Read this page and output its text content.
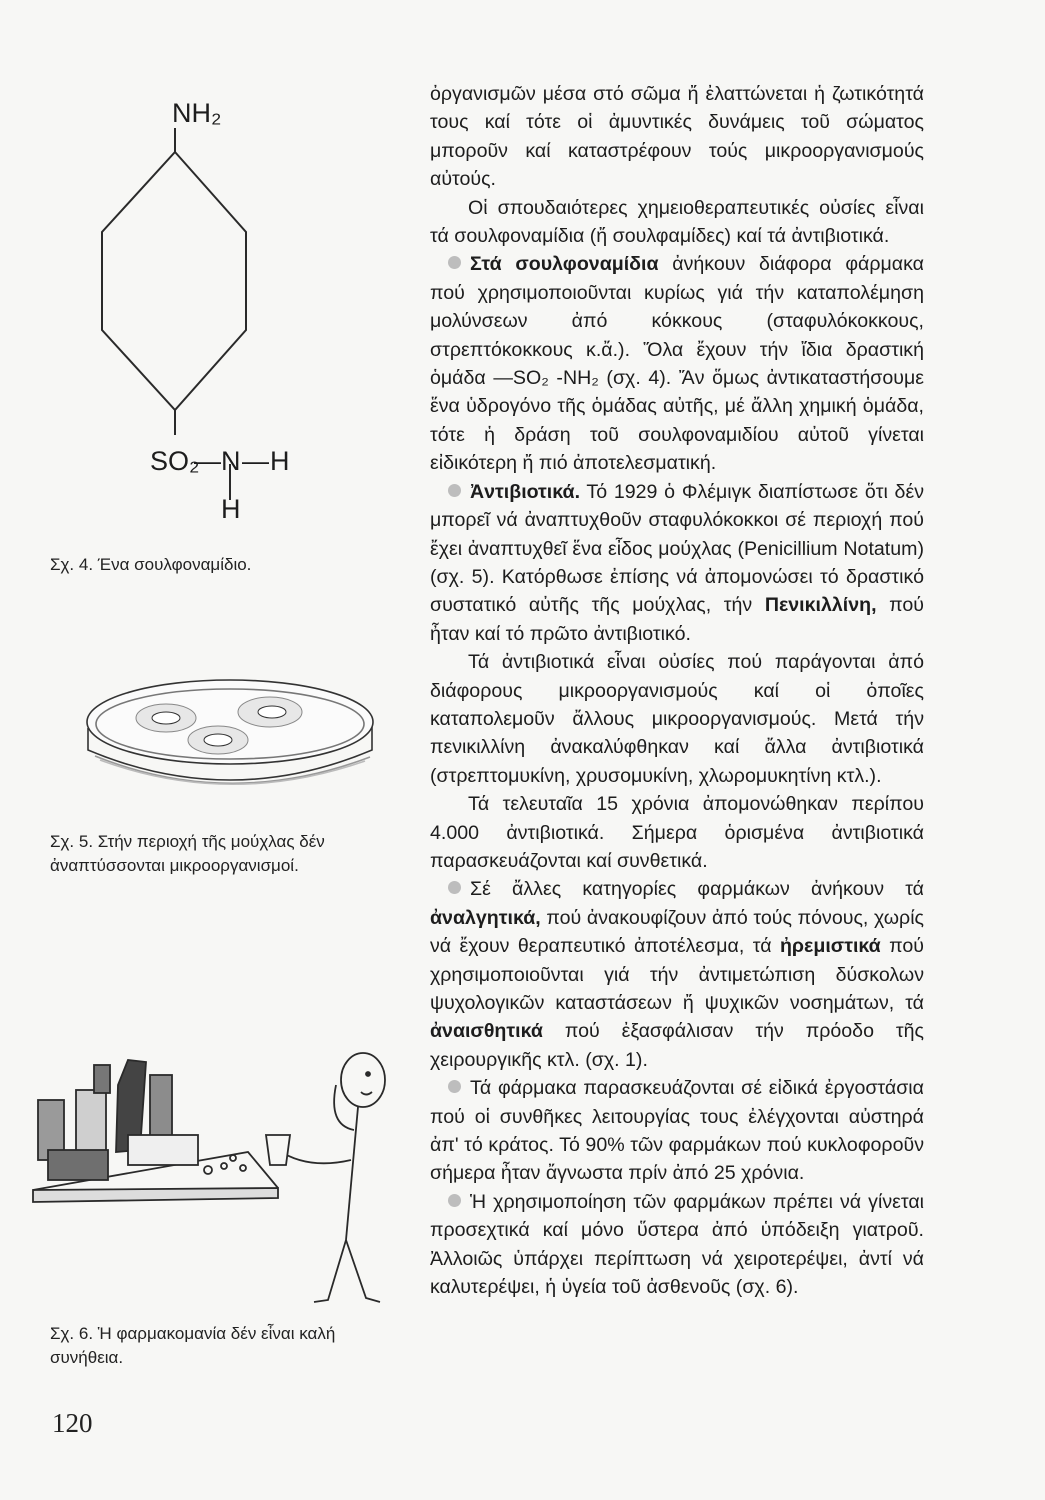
NH₂
SO₂
— N — H
H
Σχ. 4. Ένα σουλφοναμίδιο.
Σχ. 5. Στήν περιοχή τῆς μούχλας δέν ἀναπτύσσονται μικροοργανισμοί.
Σχ. 6. Ἡ φαρμακομανία δέν εἶναι καλή συνήθεια.
120

ὀργανισμῶν μέσα στό σῶμα ἤ ἐλαττώνεται ἡ ζωτικότητά τους καί τότε οἱ ἀμυντικές δυνάμεις τοῦ σώματος μποροῦν καί καταστρέφουν τούς μικροοργανισμούς αὐτούς.

Οἱ σπουδαιότερες χημειοθεραπευτικές οὐσίες εἶναι τά σουλφοναμίδια (ἤ σουλφαμίδες) καί τά ἀντιβιοτικά.

Στά σουλφοναμίδια ἀνήκουν διάφορα φάρμακα πού χρησιμοποιοῦνται κυρίως γιά τήν καταπολέμηση μολύνσεων ἀπό κόκκους (σταφυλόκοκκους, στρεπτόκοκκους κ.ἄ.). Ὅλα ἔχουν τήν ἴδια δραστική ὁμάδα —SO₂ -NH₂ (σχ. 4). Ἄν ὅμως ἀντικαταστήσουμε ἕνα ὑδρογόνο τῆς ὁμάδας αὐτῆς, μέ ἄλλη χημική ὁμάδα, τότε ἡ δράση τοῦ σουλφοναμιδίου αὐτοῦ γίνεται εἰδικότερη ἤ πιό ἀποτελεσματική.

Ἀντιβιοτικά. Τό 1929 ὁ Φλέμιγκ διαπίστωσε ὅτι δέν μπορεῖ νά ἀναπτυχθοῦν σταφυλόκοκκοι σέ περιοχή πού ἔχει ἀναπτυχθεῖ ἕνα εἶδος μούχλας (Penicillium Notatum) (σχ. 5). Κατόρθωσε ἐπίσης νά ἀπομονώσει τό δραστικό συστατικό αὐτῆς τῆς μούχλας, τήν Πενικιλλίνη, πού ἦταν καί τό πρῶτο ἀντιβιοτικό.

Τά ἀντιβιοτικά εἶναι οὐσίες πού παράγονται ἀπό διάφορους μικροοργανισμούς καί οἱ ὁποῖες καταπολεμοῦν ἄλλους μικροοργανισμούς. Μετά τήν πενικιλλίνη ἀνακαλύφθηκαν καί ἄλλα ἀντιβιοτικά (στρεπτομυκίνη, χρυσομυκίνη, χλωρομυκητίνη κτλ.).

Τά τελευταῖα 15 χρόνια ἀπομονώθηκαν περίπου 4.000 ἀντιβιοτικά. Σήμερα ὁρισμένα ἀντιβιοτικά παρασκευάζονται καί συνθετικά.

Σέ ἄλλες κατηγορίες φαρμάκων ἀνήκουν τά ἀναλγητικά, πού ἀνακουφίζουν ἀπό τούς πόνους, χωρίς νά ἔχουν θεραπευτικό ἀποτέλεσμα, τά ἠρεμιστικά πού χρησιμοποιοῦνται γιά τήν ἀντιμετώπιση δύσκολων ψυχολογικῶν καταστάσεων ἤ ψυχικῶν νοσημάτων, τά ἀναισθητικά πού ἐξασφάλισαν τήν πρόοδο τῆς χειρουργικῆς κτλ. (σχ. 1).

Τά φάρμακα παρασκευάζονται σέ εἰδικά ἐργοστάσια πού οἱ συνθῆκες λειτουργίας τους ἐλέγχονται αὐστηρά ἀπ' τό κράτος. Τό 90% τῶν φαρμάκων πού κυκλοφοροῦν σήμερα ἦταν ἄγνωστα πρίν ἀπό 25 χρόνια.

Ἡ χρησιμοποίηση τῶν φαρμάκων πρέπει νά γίνεται προσεχτικά καί μόνο ὕστερα ἀπό ὑπόδειξη γιατροῦ. Ἀλλοιῶς ὑπάρχει περίπτωση νά χειροτερέψει, ἀντί νά καλυτερέψει, ἡ ὑγεία τοῦ ἀσθενοῦς (σχ. 6).
